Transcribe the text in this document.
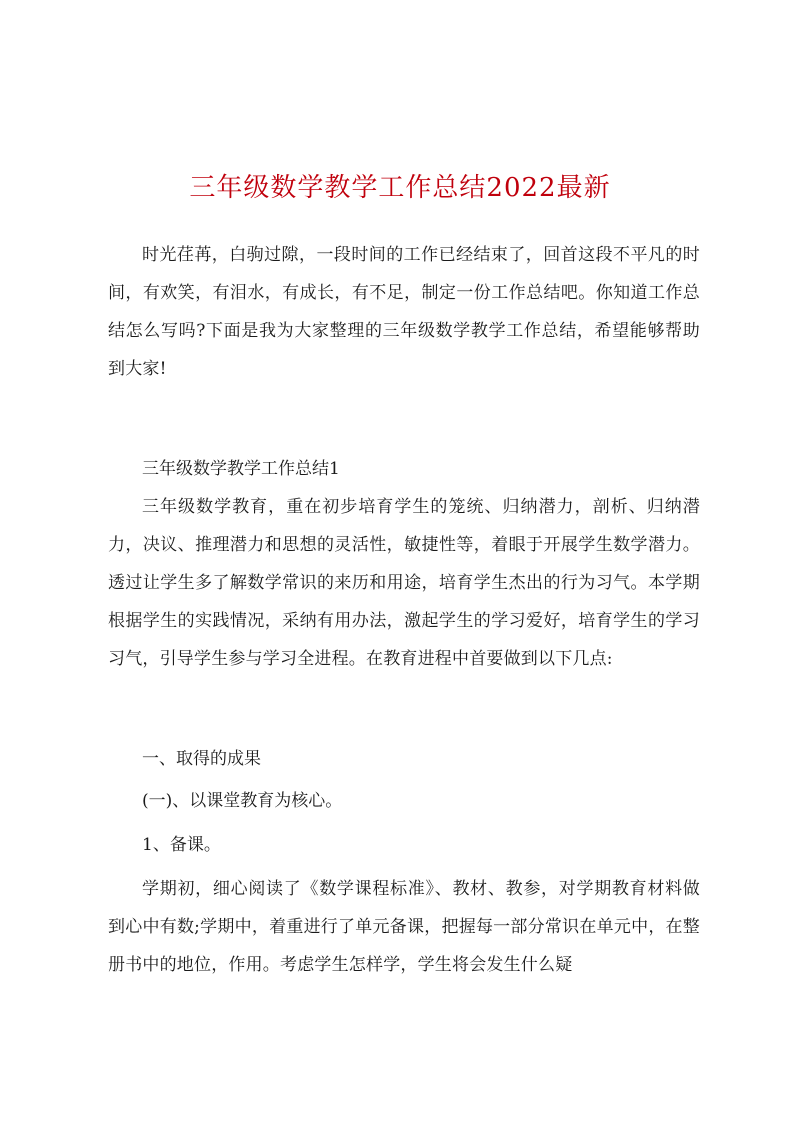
三年级数学教学工作总结2022最新
时光荏苒，白驹过隙，一段时间的工作已经结束了，回首这段不平凡的时间，有欢笑，有泪水，有成长，有不足，制定一份工作总结吧。你知道工作总结怎么写吗?下面是我为大家整理的三年级数学教学工作总结，希望能够帮助到大家!
三年级数学教学工作总结1
三年级数学教育，重在初步培育学生的笼统、归纳潜力，剖析、归纳潜力，决议、推理潜力和思想的灵活性，敏捷性等，着眼于开展学生数学潜力。透过让学生多了解数学常识的来历和用途，培育学生杰出的行为习气。本学期根据学生的实践情况，采纳有用办法，激起学生的学习爱好，培育学生的学习习气，引导学生参与学习全进程。在教育进程中首要做到以下几点:
一、取得的成果
(一)、以课堂教育为核心。
1、备课。
学期初，细心阅读了《数学课程标准》、教材、教参，对学期教育材料做到心中有数;学期中，着重进行了单元备课，把握每一部分常识在单元中，在整册书中的地位，作用。考虑学生怎样学，学生将会发生什么疑
